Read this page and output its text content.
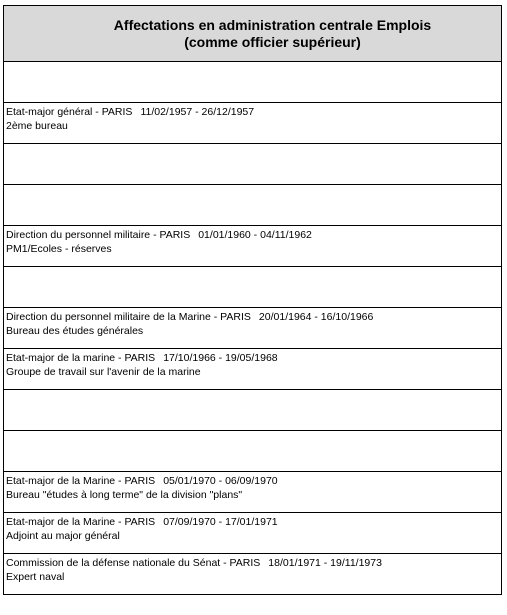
Affectations en administration centrale Emplois
(comme officier supérieur)
Etat-major général - PARIS 11/02/1957 - 26/12/1957
2ème bureau
Direction du personnel militaire - PARIS 01/01/1960 - 04/11/1962
PM1/Ecoles - réserves
Direction du personnel militaire de la Marine - PARIS 20/01/1964 - 16/10/1966
Bureau des études générales
Etat-major de la marine - PARIS 17/10/1966 - 19/05/1968
Groupe de travail sur l'avenir de la marine
Etat-major de la Marine - PARIS 05/01/1970 - 06/09/1970
Bureau "études à long terme" de la division "plans"
Etat-major de la Marine - PARIS 07/09/1970 - 17/01/1971
Adjoint au major général
Commission de la défense nationale du Sénat - PARIS 18/01/1971 - 19/11/1973
Expert naval
